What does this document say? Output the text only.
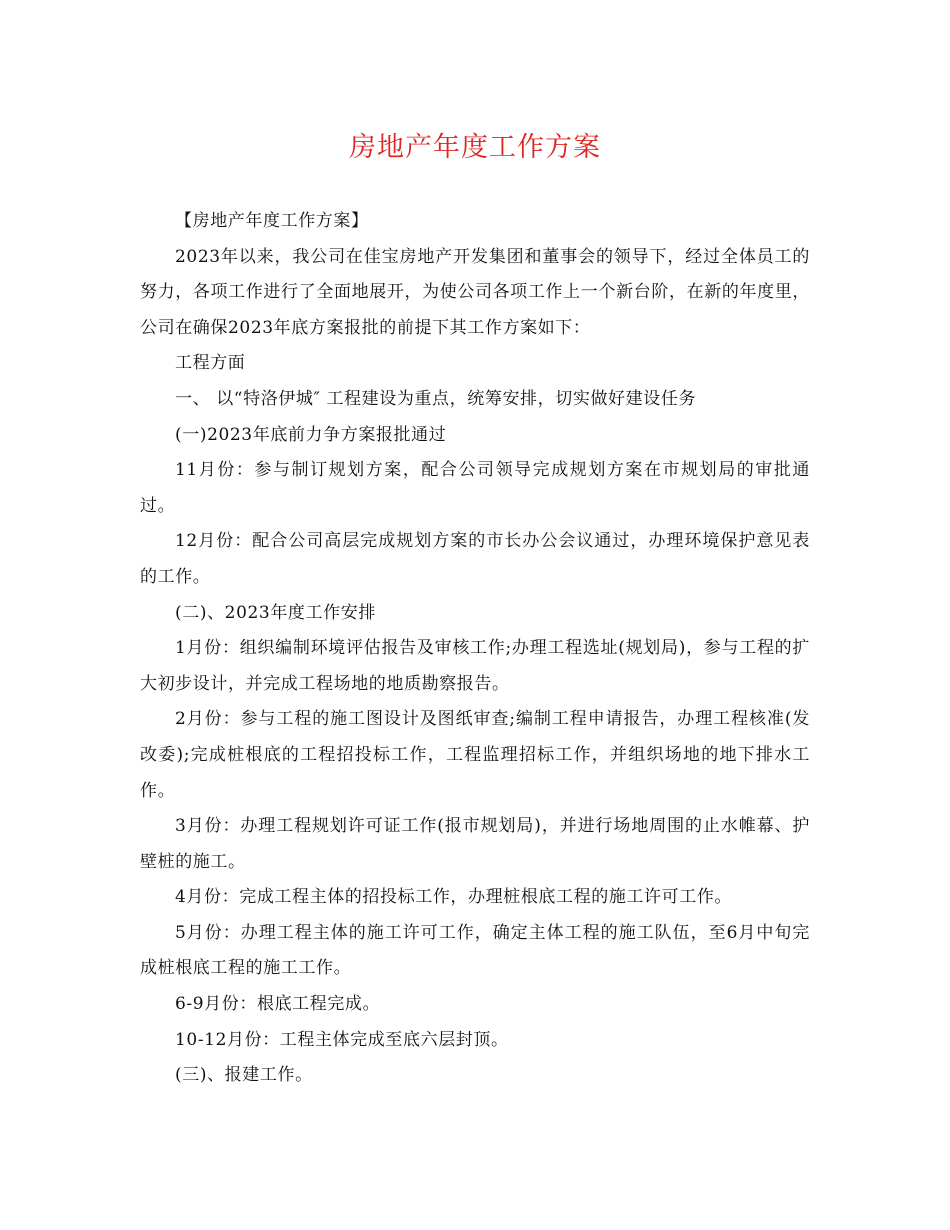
房地产年度工作方案

【房地产年度工作方案】

2023年以来，我公司在佳宝房地产开发集团和董事会的领导下，经过全体员工的努力，各项工作进行了全面地展开，为使公司各项工作上一个新台阶，在新的年度里，公司在确保2023年底方案报批的前提下其工作方案如下：

工程方面

一、 以“特洛伊城″ 工程建设为重点，统筹安排，切实做好建设任务

(一)2023年底前力争方案报批通过

11月份：参与制订规划方案，配合公司领导完成规划方案在市规划局的审批通过。

12月份：配合公司高层完成规划方案的市长办公会议通过，办理环境保护意见表的工作。

(二)、2023年度工作安排

1月份：组织编制环境评估报告及审核工作;办理工程选址(规划局)，参与工程的扩大初步设计，并完成工程场地的地质勘察报告。

2月份：参与工程的施工图设计及图纸审查;编制工程申请报告，办理工程核准(发改委);完成桩根底的工程招投标工作，工程监理招标工作，并组织场地的地下排水工作。

3月份：办理工程规划许可证工作(报市规划局)，并进行场地周围的止水帷幕、护壁桩的施工。

4月份：完成工程主体的招投标工作，办理桩根底工程的施工许可工作。

5月份：办理工程主体的施工许可工作，确定主体工程的施工队伍，至6月中旬完成桩根底工程的施工工作。

6-9月份：根底工程完成。

10-12月份：工程主体完成至底六层封顶。

(三)、报建工作。
